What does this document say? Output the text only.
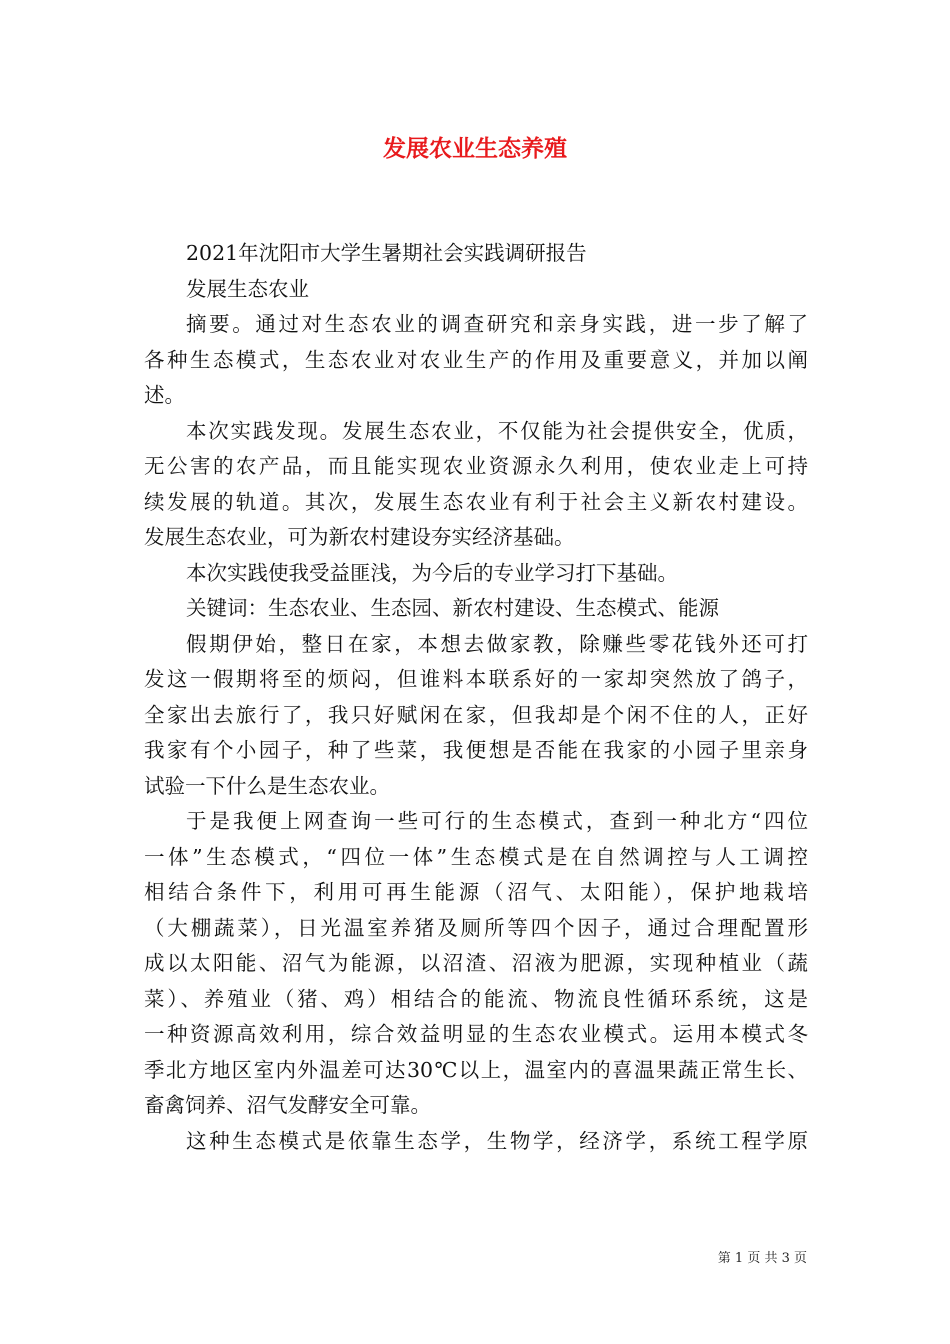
发展农业生态养殖
2021年沈阳市大学生暑期社会实践调研报告
发展生态农业
摘要。通过对生态农业的调查研究和亲身实践，进一步了解了
各种生态模式，生态农业对农业生产的作用及重要意义，并加以阐
述。
本次实践发现。发展生态农业，不仅能为社会提供安全，优质，
无公害的农产品，而且能实现农业资源永久利用，使农业走上可持
续发展的轨道。其次，发展生态农业有利于社会主义新农村建设。
发展生态农业，可为新农村建设夯实经济基础。
本次实践使我受益匪浅，为今后的专业学习打下基础。
关键词：生态农业、生态园、新农村建设、生态模式、能源
假期伊始，整日在家，本想去做家教，除赚些零花钱外还可打
发这一假期将至的烦闷，但谁料本联系好的一家却突然放了鸽子，
全家出去旅行了，我只好赋闲在家，但我却是个闲不住的人，正好
我家有个小园子，种了些菜，我便想是否能在我家的小园子里亲身
试验一下什么是生态农业。
于是我便上网查询一些可行的生态模式，查到一种北方“四位
一体”生态模式，“四位一体”生态模式是在自然调控与人工调控
相结合条件下，利用可再生能源（沼气、太阳能），保护地栽培
（大棚蔬菜），日光温室养猪及厕所等四个因子，通过合理配置形
成以太阳能、沼气为能源，以沼渣、沼液为肥源，实现种植业（蔬
菜）、养殖业（猪、鸡）相结合的能流、物流良性循环系统，这是
一种资源高效利用，综合效益明显的生态农业模式。运用本模式冬
季北方地区室内外温差可达30℃以上，温室内的喜温果蔬正常生长、
畜禽饲养、沼气发酵安全可靠。
这种生态模式是依靠生态学，生物学，经济学，系统工程学原
第 1 页 共 3 页
